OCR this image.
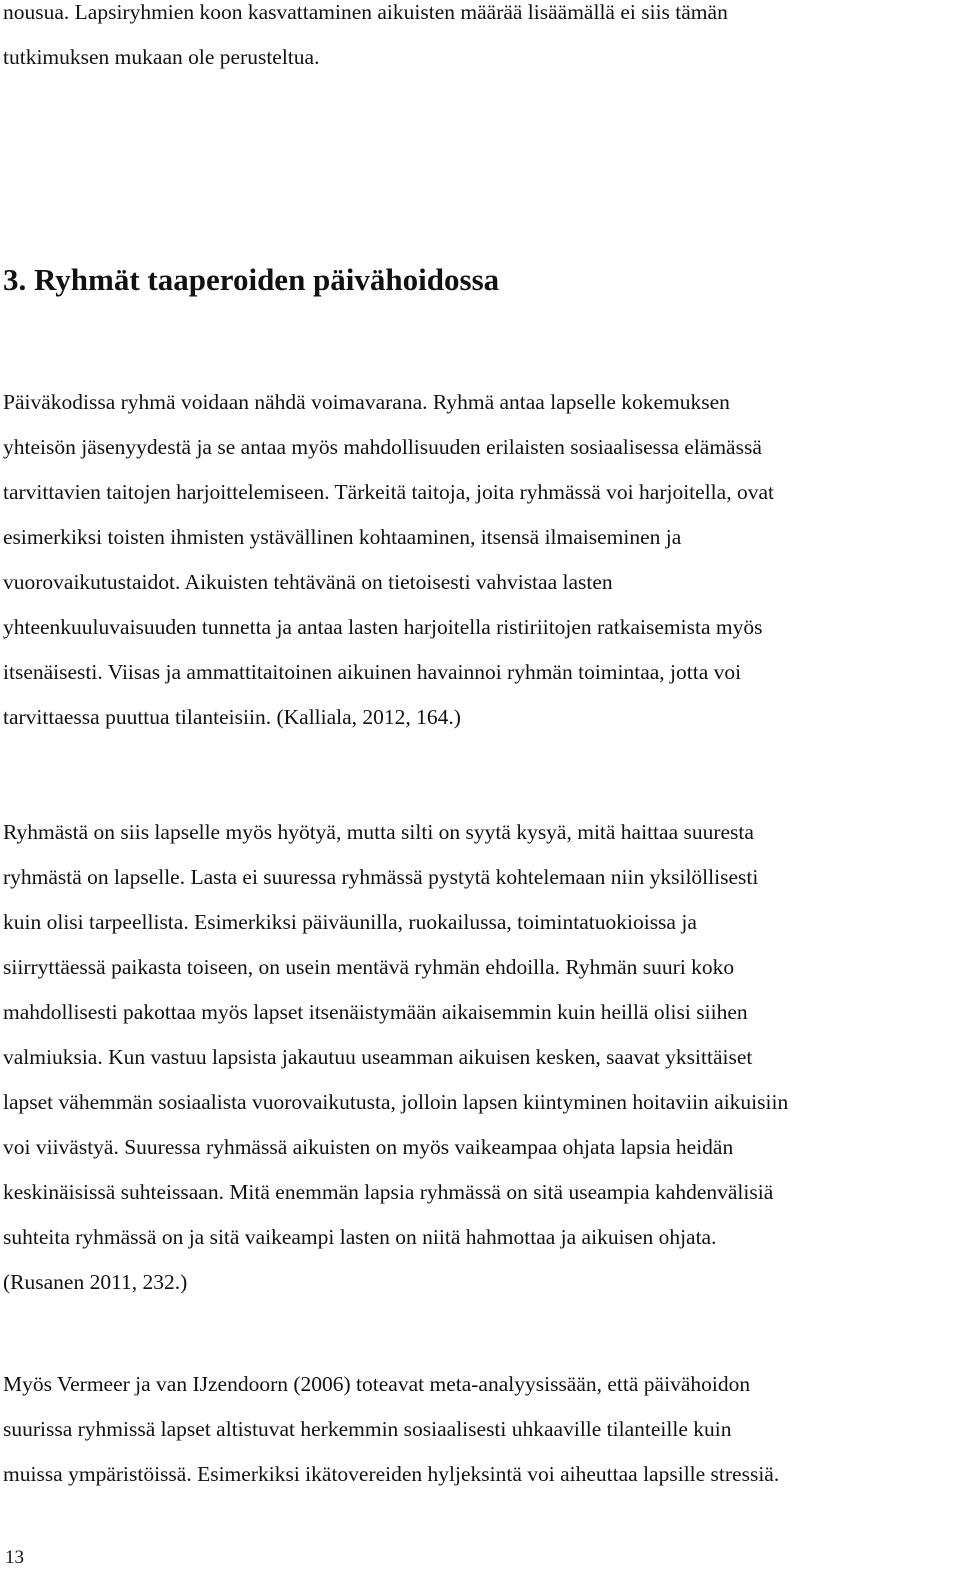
nousua. Lapsiryhmien koon kasvattaminen aikuisten määrää lisäämällä ei siis tämän
tutkimuksen mukaan ole perusteltua.
3. Ryhmät taaperoiden päivähoidossa
Päiväkodissa ryhmä voidaan nähdä voimavarana. Ryhmä antaa lapselle kokemuksen
yhteisön jäsenyydestä ja se antaa myös mahdollisuuden erilaisten sosiaalisessa elämässä
tarvittavien taitojen harjoittelemiseen. Tärkeitä taitoja, joita ryhmässä voi harjoitella, ovat
esimerkiksi toisten ihmisten ystävällinen kohtaaminen, itsensä ilmaiseminen ja
vuorovaikutustaidot. Aikuisten tehtävänä on tietoisesti vahvistaa lasten
yhteenkuuluvaisuuden tunnetta ja antaa lasten harjoitella ristiriitojen ratkaisemista myös
itsenäisesti. Viisas ja ammattitaitoinen aikuinen havainnoi ryhmän toimintaa, jotta voi
tarvittaessa puuttua tilanteisiin. (Kalliala, 2012, 164.)
Ryhmästä on siis lapselle myös hyötyä, mutta silti on syytä kysyä, mitä haittaa suuresta
ryhmästä on lapselle. Lasta ei suuressa ryhmässä pystytä kohtelemaan niin yksilöllisesti
kuin olisi tarpeellista. Esimerkiksi päiväunilla, ruokailussa, toimintatuokioissa ja
siirryttäessä paikasta toiseen, on usein mentävä ryhmän ehdoilla. Ryhmän suuri koko
mahdollisesti pakottaa myös lapset itsenäistymään aikaisemmin kuin heillä olisi siihen
valmiuksia. Kun vastuu lapsista jakautuu useamman aikuisen kesken, saavat yksittäiset
lapset vähemmän sosiaalista vuorovaikutusta, jolloin lapsen kiintyminen hoitaviin aikuisiin
voi viivästyä. Suuressa ryhmässä aikuisten on myös vaikeampaa ohjata lapsia heidän
keskinäisissä suhteissaan. Mitä enemmän lapsia ryhmässä on sitä useampia kahdenvälisiä
suhteita ryhmässä on ja sitä vaikeampi lasten on niitä hahmottaa ja aikuisen ohjata.
(Rusanen 2011, 232.)
Myös Vermeer ja van IJzendoorn (2006) toteavat meta-analyysissään, että päivähoidon
suurissa ryhmissä lapset altistuvat herkemmin sosiaalisesti uhkaaville tilanteille kuin
muissa ympäristöissä. Esimerkiksi ikätovereiden hyljeksintä voi aiheuttaa lapsille stressiä.
13
